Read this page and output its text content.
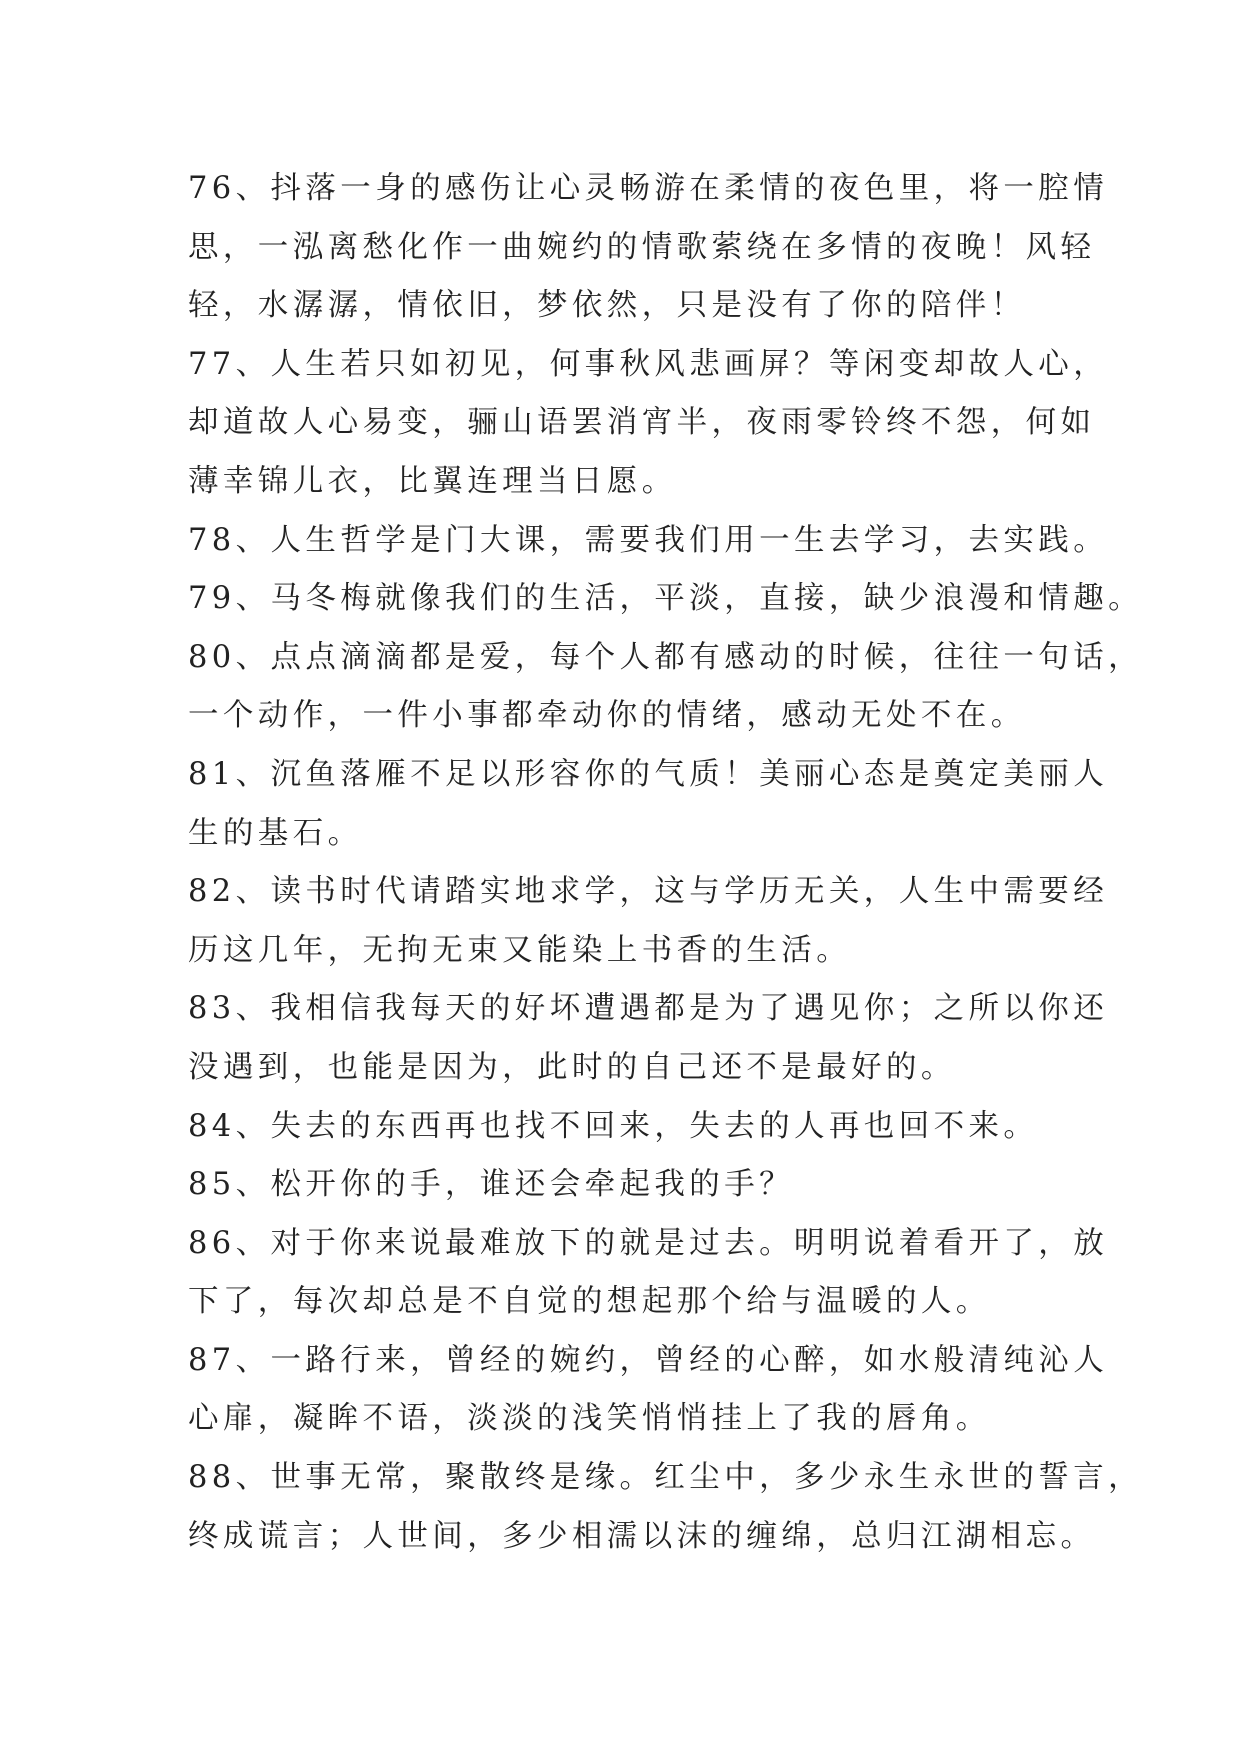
76、抖落一身的感伤让心灵畅游在柔情的夜色里，将一腔情
思，一泓离愁化作一曲婉约的情歌萦绕在多情的夜晚！风轻
轻，水潺潺，情依旧，梦依然，只是没有了你的陪伴！
77、人生若只如初见，何事秋风悲画屏？等闲变却故人心，
却道故人心易变，骊山语罢消宵半，夜雨零铃终不怨，何如
薄幸锦儿衣，比翼连理当日愿。
78、人生哲学是门大课，需要我们用一生去学习，去实践。
79、马冬梅就像我们的生活，平淡，直接，缺少浪漫和情趣。
80、点点滴滴都是爱，每个人都有感动的时候，往往一句话，
一个动作，一件小事都牵动你的情绪，感动无处不在。
81、沉鱼落雁不足以形容你的气质！美丽心态是奠定美丽人
生的基石。
82、读书时代请踏实地求学，这与学历无关，人生中需要经
历这几年，无拘无束又能染上书香的生活。
83、我相信我每天的好坏遭遇都是为了遇见你；之所以你还
没遇到，也能是因为，此时的自己还不是最好的。
84、失去的东西再也找不回来，失去的人再也回不来。
85、松开你的手，谁还会牵起我的手？
86、对于你来说最难放下的就是过去。明明说着看开了，放
下了，每次却总是不自觉的想起那个给与温暖的人。
87、一路行来，曾经的婉约，曾经的心醉，如水般清纯沁人
心扉，凝眸不语，淡淡的浅笑悄悄挂上了我的唇角。
88、世事无常，聚散终是缘。红尘中，多少永生永世的誓言，
终成谎言；人世间，多少相濡以沫的缠绵，总归江湖相忘。
